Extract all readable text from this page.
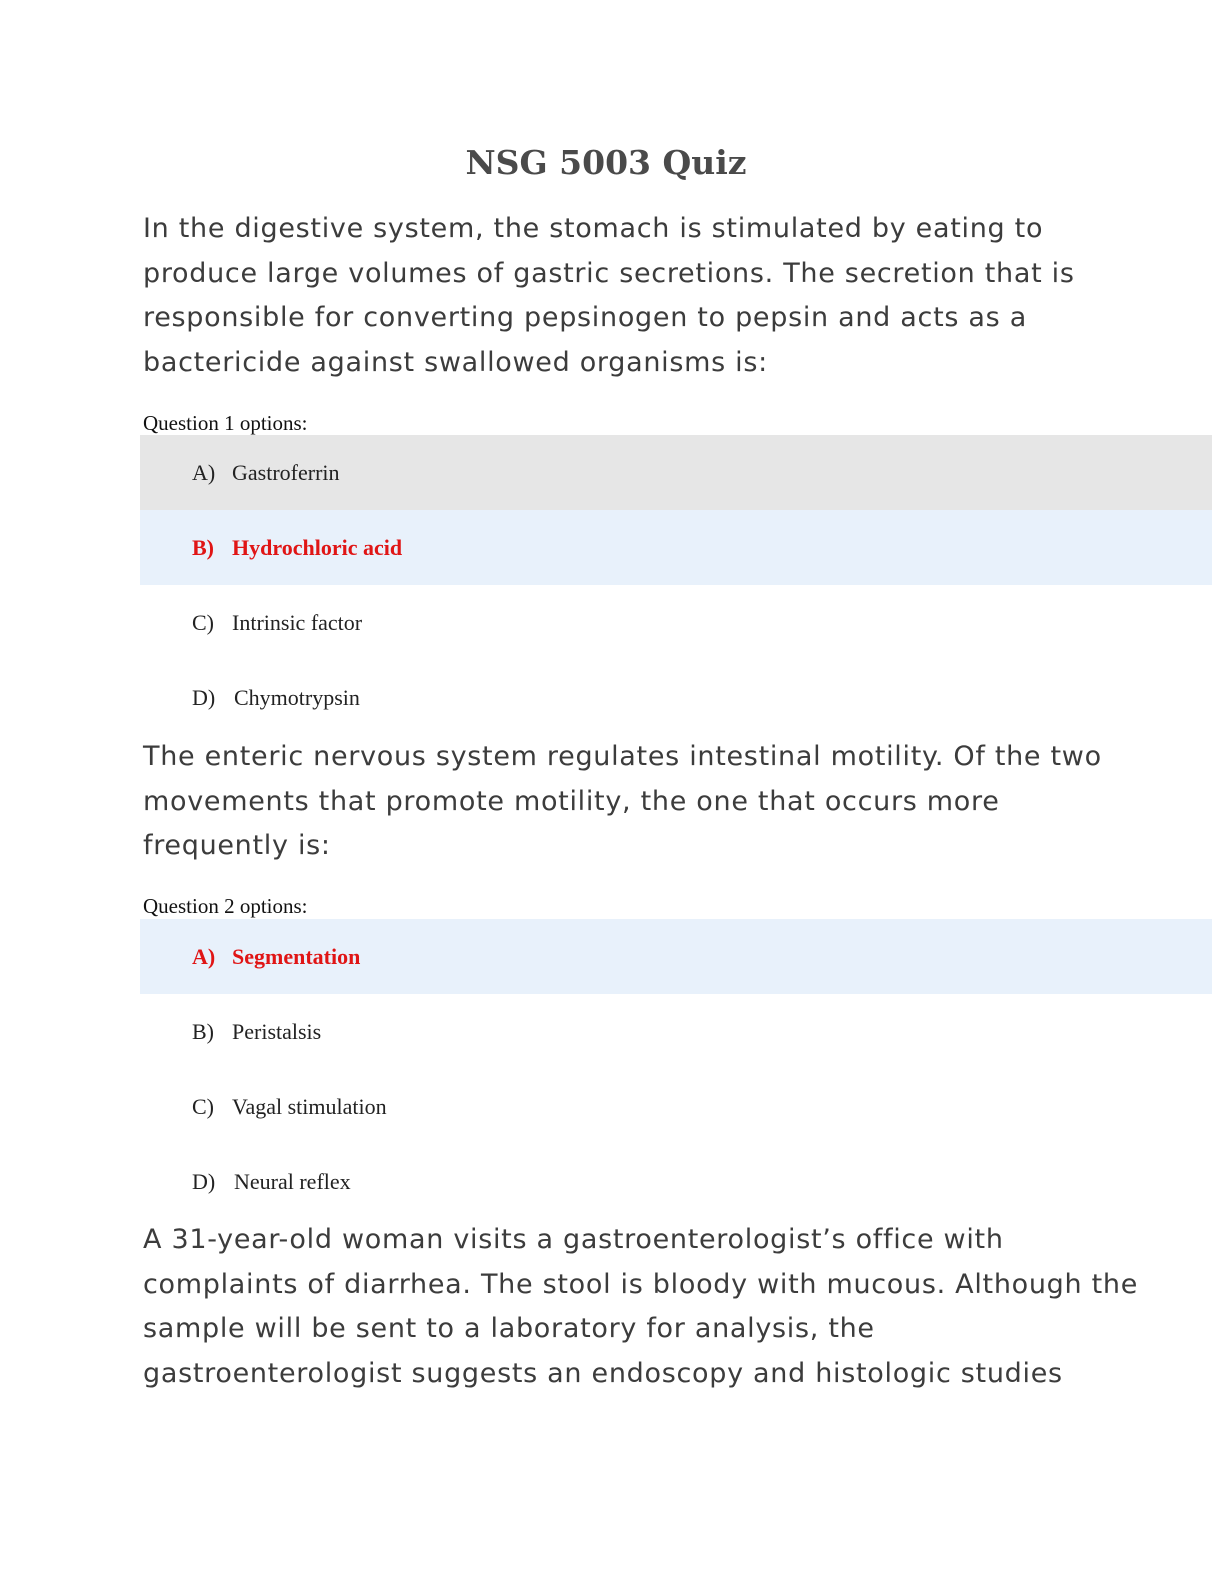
NSG 5003 Quiz

In the digestive system, the stomach is stimulated by eating to produce large volumes of gastric secretions. The secretion that is responsible for converting pepsinogen to pepsin and acts as a bactericide against swallowed organisms is:

Question 1 options:
A) Gastroferrin
B) Hydrochloric acid
C) Intrinsic factor
D) Chymotrypsin

The enteric nervous system regulates intestinal motility. Of the two movements that promote motility, the one that occurs more frequently is:

Question 2 options:
A) Segmentation
B) Peristalsis
C) Vagal stimulation
D) Neural reflex

A 31-year-old woman visits a gastroenterologist’s office with complaints of diarrhea. The stool is bloody with mucous. Although the sample will be sent to a laboratory for analysis, the gastroenterologist suggests an endoscopy and histologic studies
